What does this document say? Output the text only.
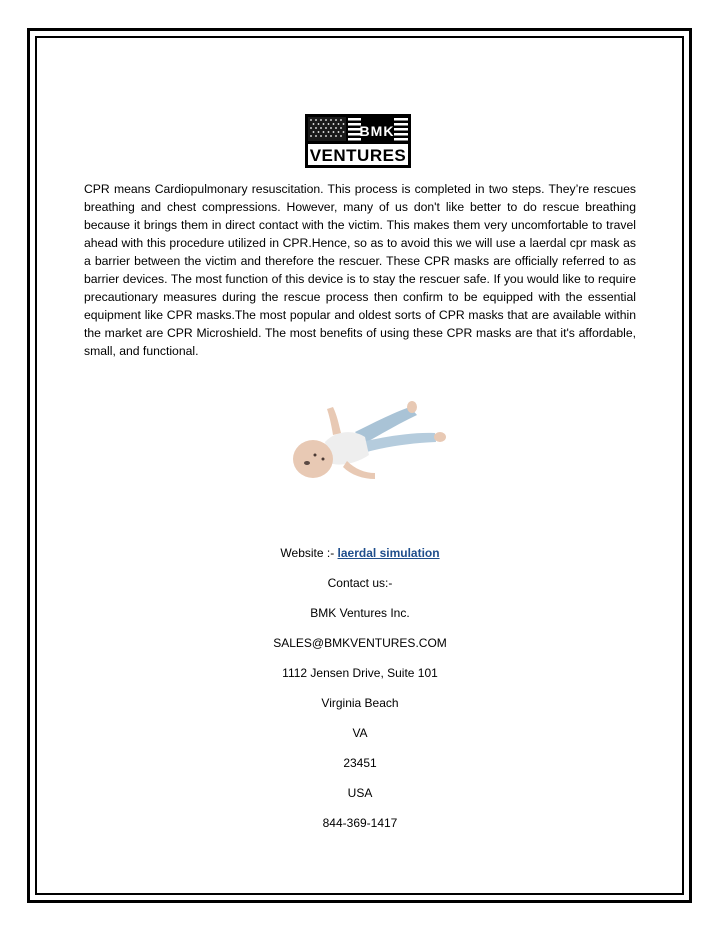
BMK
VENTURES

CPR means Cardiopulmonary resuscitation. This process is completed in two steps. They’re rescues breathing and chest compressions. However, many of us don't like better to do rescue breathing because it brings them in direct contact with the victim. This makes them very uncomfortable to travel ahead with this procedure utilized in CPR.Hence, so as to avoid this we will use a laerdal cpr mask as a barrier between the victim and therefore the rescuer. These CPR masks are officially referred to as barrier devices. The most function of this device is to stay the rescuer safe. If you would like to require precautionary measures during the rescue process then confirm to be equipped with the essential equipment like CPR masks.The most popular and oldest sorts of CPR masks that are available within the market are CPR Microshield. The most benefits of using these CPR masks are that it's affordable, small, and functional.

Website :- laerdal simulation
Contact us:-
BMK Ventures Inc.
SALES@BMKVENTURES.COM
1112 Jensen Drive, Suite 101
Virginia Beach
VA
23451
USA
844-369-1417
